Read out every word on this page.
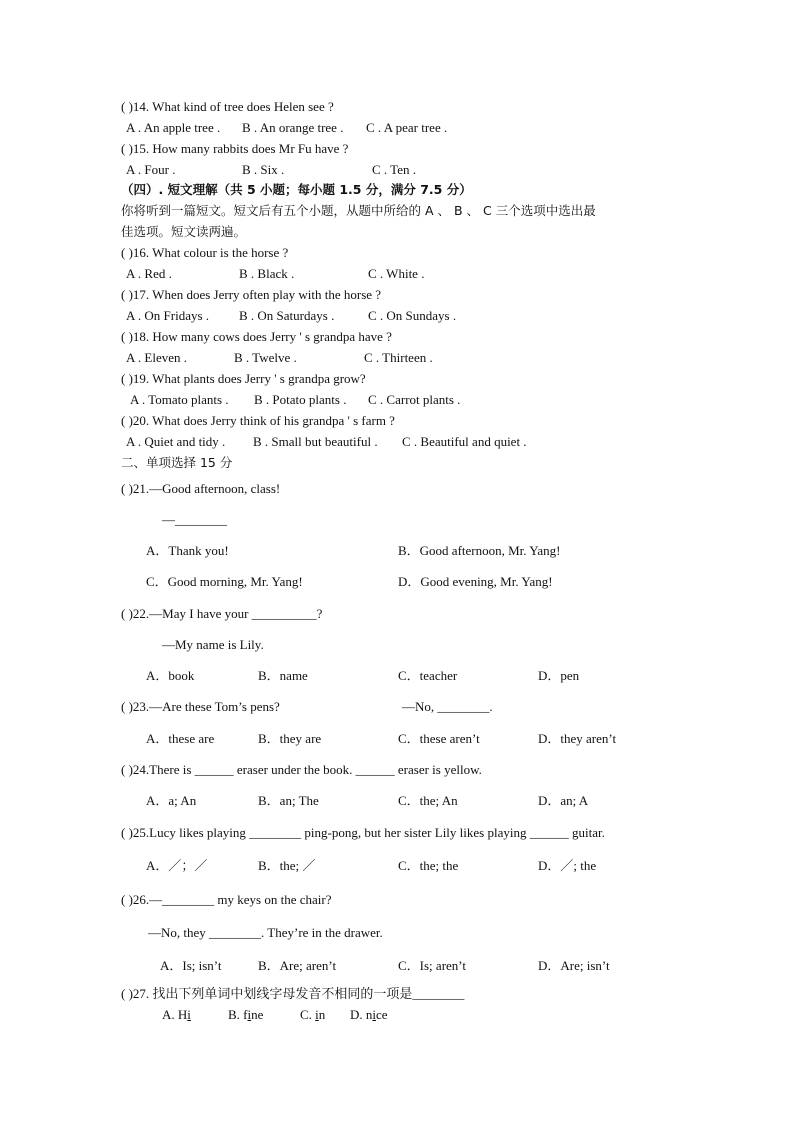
( )14. What kind of tree does Helen see ?
A . An apple tree . B . An orange tree . C . A pear tree .
( )15. How many rabbits does Mr Fu have ?
A . Four .	B . Six .	C . Ten .
（四）. 短文理解（共 5 小题；每小题 1.5 分，满分 7.5 分）
你将听到一篇短文。短文后有五个小题，从题中所给的 A 、 B 、 C 三个选项中选出最
佳选项。短文读两遍。
( )16. What colour is the horse ?
A . Red .	B . Black .	C . White .
( )17. When does Jerry often play with the horse ?
A . On Fridays . B . On Saturdays .	C . On Sundays .
( )18. How many cows does Jerry ' s grandpa have ?
A . Eleven .	B . Twelve .	C . Thirteen .
( )19. What plants does Jerry ' s grandpa grow?
A . Tomato plants . B . Potato plants . C . Carrot plants .
( )20. What does Jerry think of his grandpa ' s farm ?
A . Quiet and tidy . B . Small but beautiful . C . Beautiful and quiet .
二、单项选择 15 分
( )21.—Good afternoon, class!
—________
A．Thank you!	B．Good afternoon, Mr. Yang!
C．Good morning, Mr. Yang!	D．Good evening, Mr. Yang!
( )22.—May I have your __________?
—My name is Lily.
A．book	B．name	C．teacher	D．pen
( )23.—Are these Tom’s pens?	—No, ________.
A．these are	B．they are	C．these aren’t	D．they aren’t
( )24.There is ______ eraser under the book. ______ eraser is yellow.
A．a; An	B．an; The	C．the; An	D．an; A
( )25.Lucy likes playing ________ ping-pong, but her sister Lily likes playing ______ guitar.
A．／；／	B．the; ／	C．the; the	D．／; the
( )26.—________ my keys on the chair?
—No, they ________. They’re in the drawer.
A．Is; isn’t	B．Are; aren’t	C．Is; aren’t	D．Are; isn’t
( )27. 找出下列单词中划线字母发音不相同的一项是________
A. Hi	B. fine	C. in D. nice
